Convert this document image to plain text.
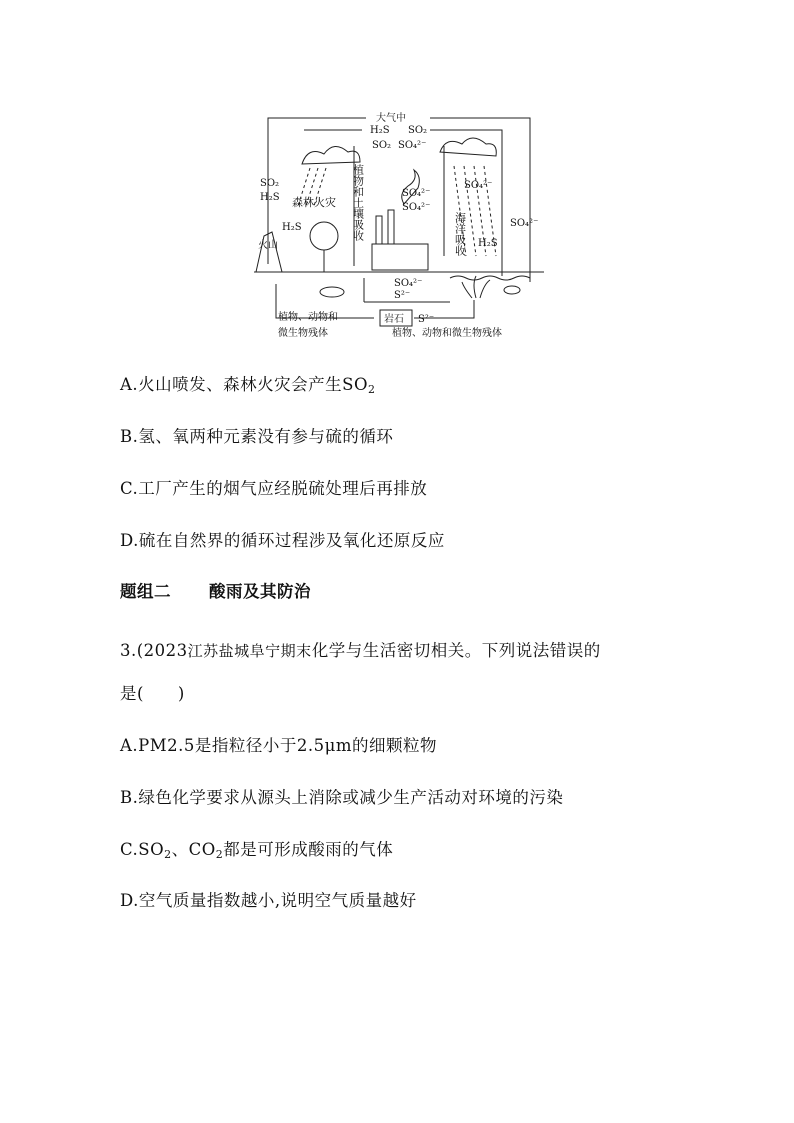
大气中
H₂S SO₂
SO₂ SO₄²⁻
SO₂
H₂S
H₂S
火山
森林火灾
SO₄²⁻
SO₄²⁻
SO₄²⁻
H₂S
SO₄²⁻
SO₄²⁻
S²⁻
S²⁻
岩石
植物、动物和
微生物残体	植物、动物和微生物残体
植物和土壤吸收	海洋吸收
A.火山喷发、森林火灾会产生$SO_2$
B.氢、氧两种元素没有参与硫的循环
C.工厂产生的烟气应经脱硫处理后再排放
D.硫在自然界的循环过程涉及氧化还原反应
题组二 酸雨及其防治
3.(2023江苏盐城阜宁期末化学与生活密切相关。下列说法错误的
是(　　)
A.PM2.5是指粒径小于2.5μm的细颗粒物
B.绿色化学要求从源头上消除或减少生产活动对环境的污染
$C.SO_2$、$CO_2$都是可形成酸雨的气体
D.空气质量指数越小,说明空气质量越好
